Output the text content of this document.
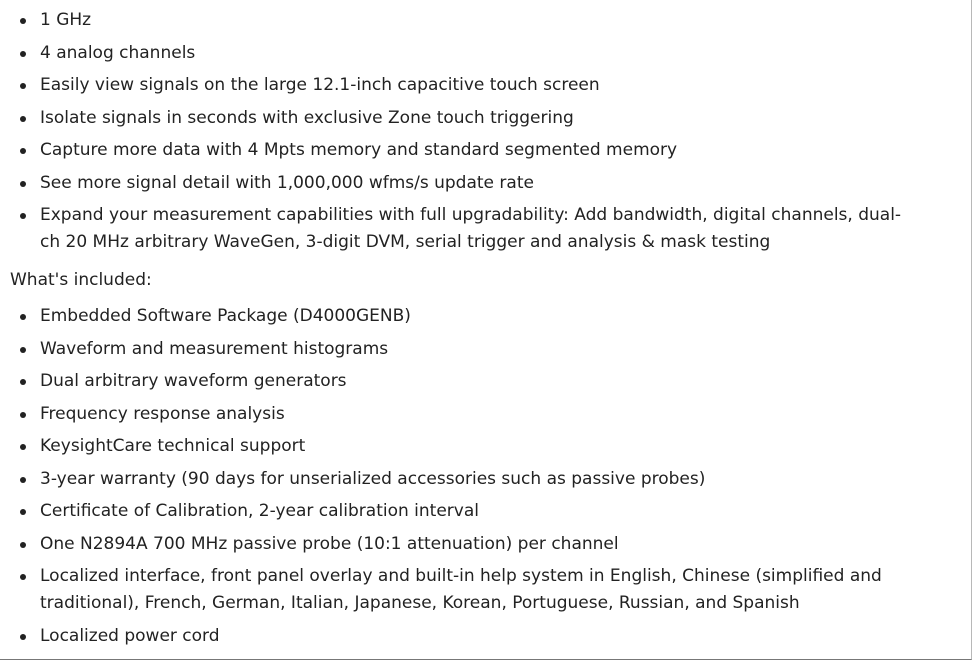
1 GHz
4 analog channels
Easily view signals on the large 12.1-inch capacitive touch screen
Isolate signals in seconds with exclusive Zone touch triggering
Capture more data with 4 Mpts memory and standard segmented memory
See more signal detail with 1,000,000 wfms/s update rate
Expand your measurement capabilities with full upgradability: Add bandwidth, digital channels, dual-ch 20 MHz arbitrary WaveGen, 3-digit DVM, serial trigger and analysis & mask testing
What's included:
Embedded Software Package (D4000GENB)
Waveform and measurement histograms
Dual arbitrary waveform generators
Frequency response analysis
KeysightCare technical support
3-year warranty (90 days for unserialized accessories such as passive probes)
Certificate of Calibration, 2-year calibration interval
One N2894A 700 MHz passive probe (10:1 attenuation) per channel
Localized interface, front panel overlay and built-in help system in English, Chinese (simplified and traditional), French, German, Italian, Japanese, Korean, Portuguese, Russian, and Spanish
Localized power cord
